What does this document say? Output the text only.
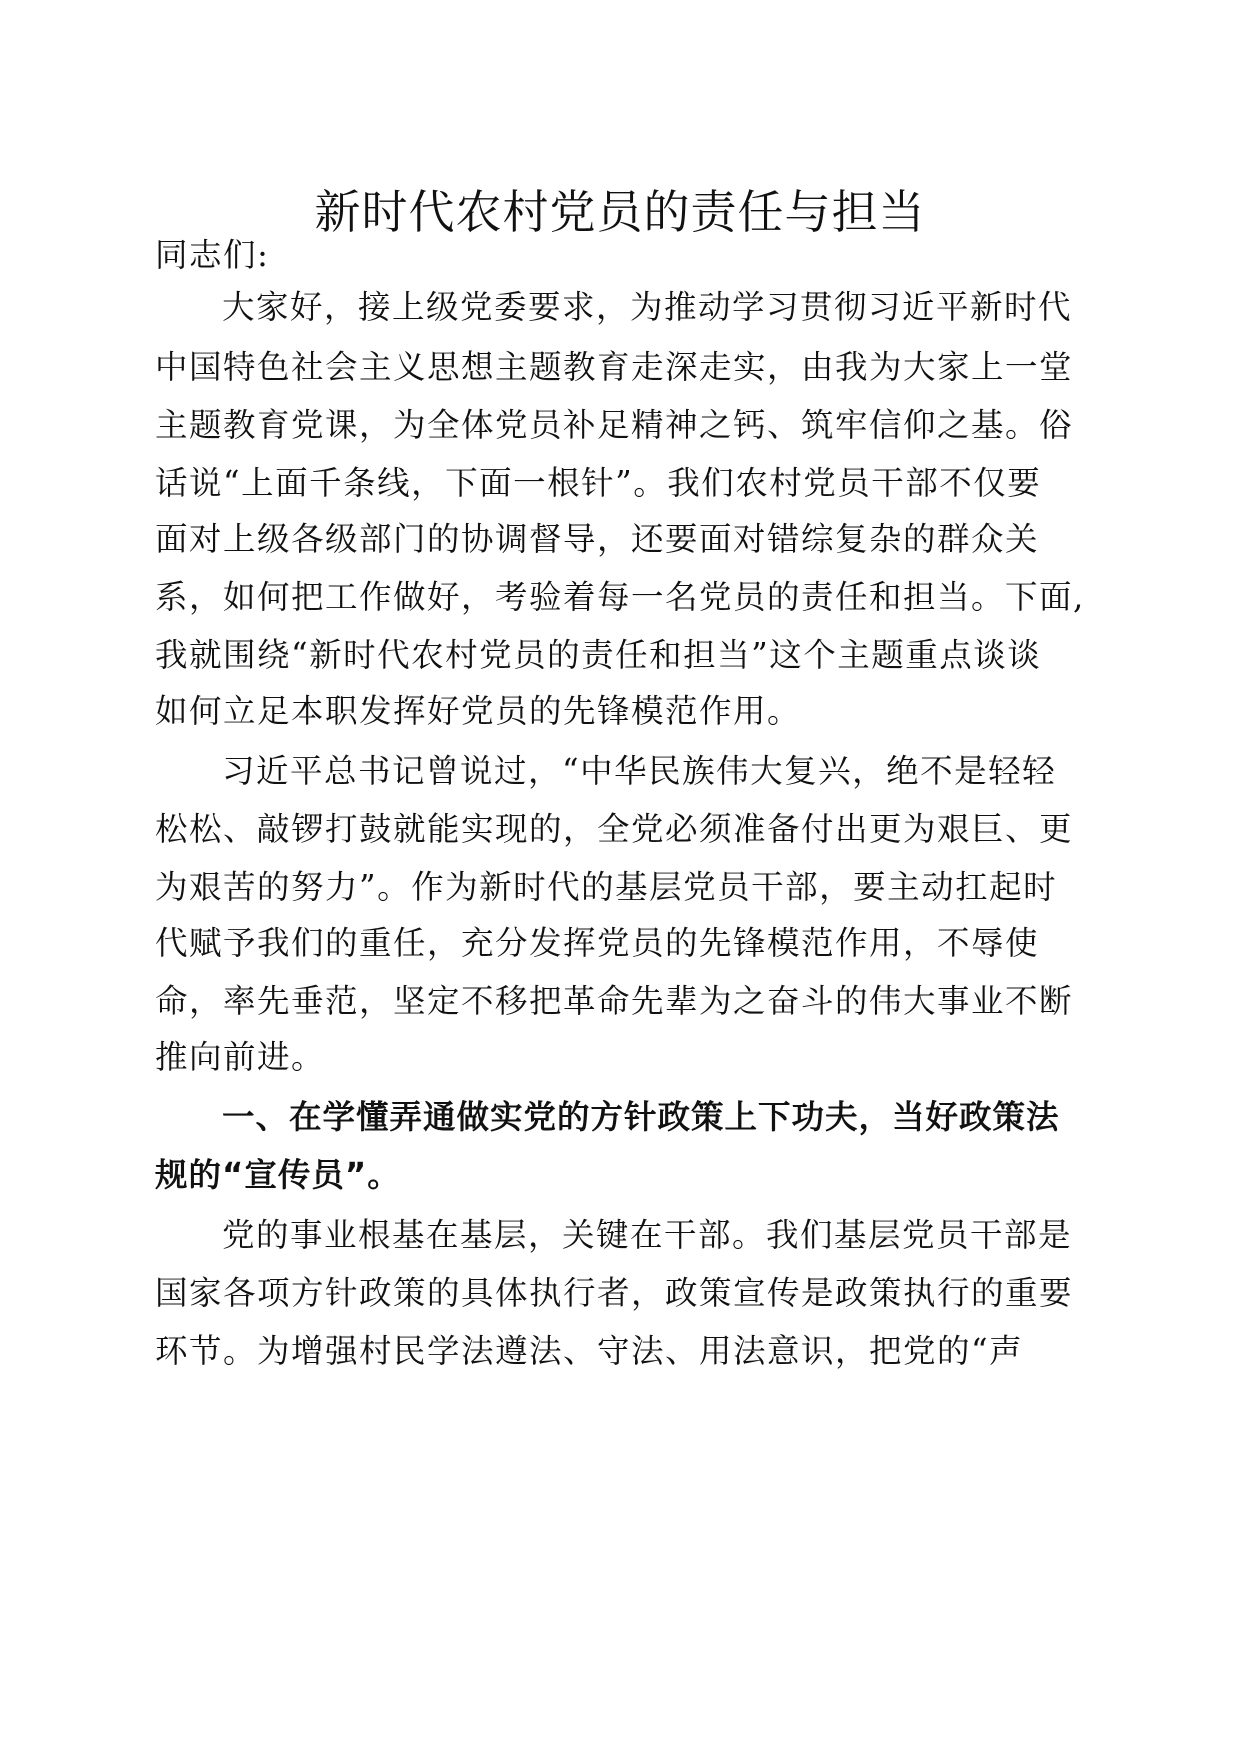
新时代农村党员的责任与担当
同志们:
大家好，接上级党委要求，为推动学习贯彻习近平新时代
中国特色社会主义思想主题教育走深走实，由我为大家上一堂
主题教育党课，为全体党员补足精神之钙、筑牢信仰之基。俗
话说“上面千条线，下面一根针”。我们农村党员干部不仅要
面对上级各级部门的协调督导，还要面对错综复杂的群众关
系，如何把工作做好，考验着每一名党员的责任和担当。下面,
我就围绕“新时代农村党员的责任和担当”这个主题重点谈谈
如何立足本职发挥好党员的先锋模范作用。
习近平总书记曾说过，“中华民族伟大复兴，绝不是轻轻
松松、敲锣打鼓就能实现的，全党必须准备付出更为艰巨、更
为艰苦的努力”。作为新时代的基层党员干部，要主动扛起时
代赋予我们的重任，充分发挥党员的先锋模范作用，不辱使
命，率先垂范，坚定不移把革命先辈为之奋斗的伟大事业不断
推向前进。
一、在学懂弄通做实党的方针政策上下功夫，当好政策法
规的“宣传员”。
党的事业根基在基层，关键在干部。我们基层党员干部是
国家各项方针政策的具体执行者，政策宣传是政策执行的重要
环节。为增强村民学法遵法、守法、用法意识，把党的“声
